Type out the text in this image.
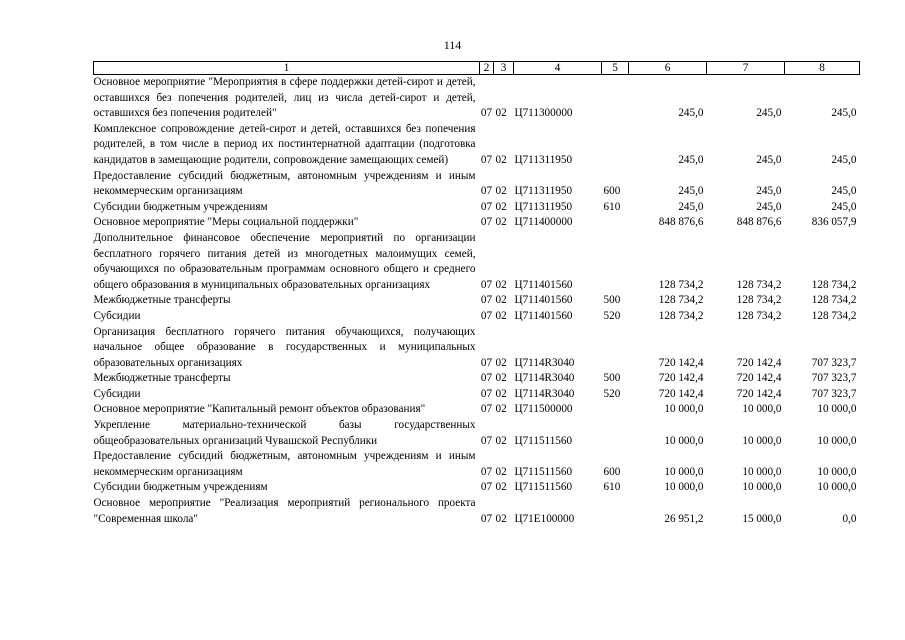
114
1	2	3	4	5	6	7	8
Основное мероприятие "Мероприятия в сфере поддержки детей-сирот и детей, оставшихся без попечения родителей, лиц из числа детей-сирот и детей, оставшихся без попечения родителей"	07	02	Ц711300000		245,0	245,0	245,0
Комплексное сопровождение детей-сирот и детей, оставшихся без попечения родителей, в том числе в период их постинтернатной адаптации (подготовка кандидатов в замещающие родители, сопровождение замещающих семей)	07	02	Ц711311950		245,0	245,0	245,0
Предоставление субсидий бюджетным, автономным учреждениям и иным некоммерческим организациям	07	02	Ц711311950	600	245,0	245,0	245,0
Субсидии бюджетным учреждениям	07	02	Ц711311950	610	245,0	245,0	245,0
Основное мероприятие "Меры социальной поддержки"	07	02	Ц711400000		848 876,6	848 876,6	836 057,9
Дополнительное финансовое обеспечение мероприятий по организации бесплатного горячего питания детей из многодетных малоимущих семей, обучающихся по образовательным программам основного общего и среднего общего образования в муниципальных образовательных организациях	07	02	Ц711401560		128 734,2	128 734,2	128 734,2
Межбюджетные трансферты	07	02	Ц711401560	500	128 734,2	128 734,2	128 734,2
Субсидии	07	02	Ц711401560	520	128 734,2	128 734,2	128 734,2
Организация бесплатного горячего питания обучающихся, получающих начальное общее образование в государственных и муниципальных образовательных организациях	07	02	Ц7114R3040		720 142,4	720 142,4	707 323,7
Межбюджетные трансферты	07	02	Ц7114R3040	500	720 142,4	720 142,4	707 323,7
Субсидии	07	02	Ц7114R3040	520	720 142,4	720 142,4	707 323,7
Основное мероприятие "Капитальный ремонт объектов образования"	07	02	Ц711500000		10 000,0	10 000,0	10 000,0
Укрепление материально-технической базы государственных общеобразовательных организаций Чувашской Республики	07	02	Ц711511560		10 000,0	10 000,0	10 000,0
Предоставление субсидий бюджетным, автономным учреждениям и иным некоммерческим организациям	07	02	Ц711511560	600	10 000,0	10 000,0	10 000,0
Субсидии бюджетным учреждениям	07	02	Ц711511560	610	10 000,0	10 000,0	10 000,0
Основное мероприятие "Реализация мероприятий регионального проекта "Современная школа"	07	02	Ц71Е100000		26 951,2	15 000,0	0,0
